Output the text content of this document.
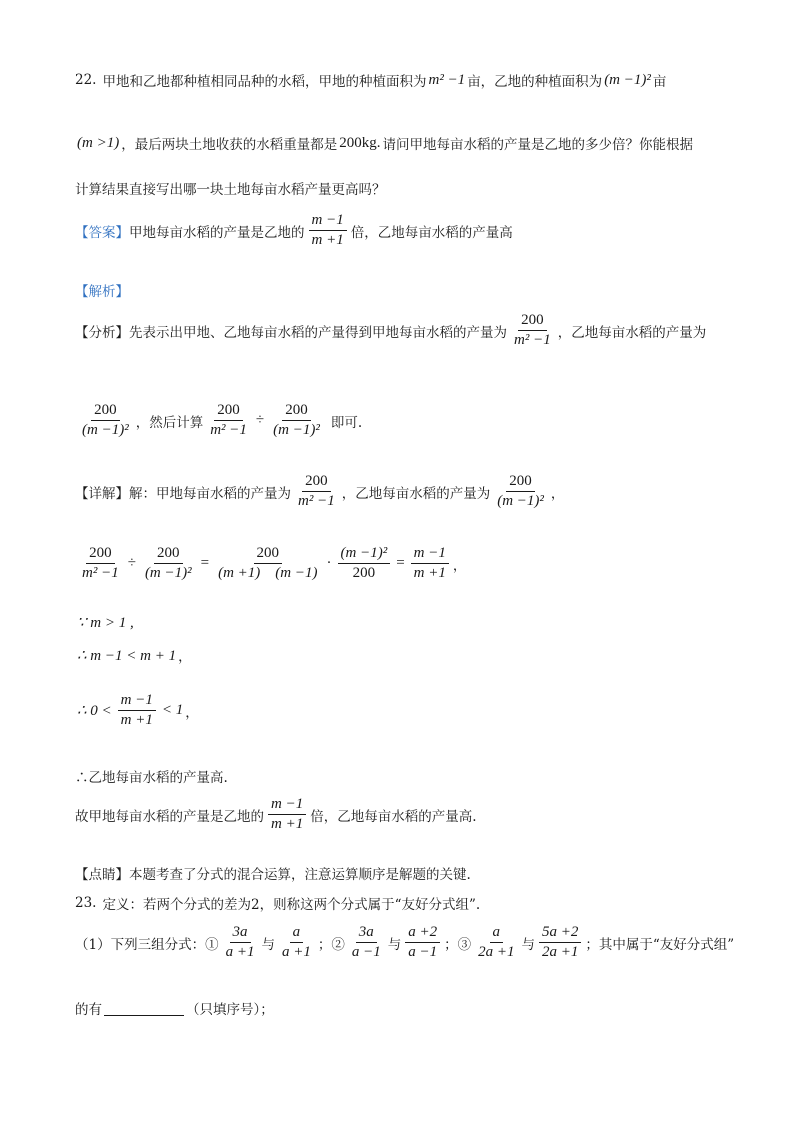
22. 甲地和乙地都种植相同品种的水稻，甲地的种植面积为 m² −1 亩，乙地的种植面积为 (m −1)² 亩
(m >1) ，最后两块土地收获的水稻重量都是 200kg. 请问甲地每亩水稻的产量是乙地的多少倍？你能根据
计算结果直接写出哪一块土地每亩水稻产量更高吗？
【答案】 甲地每亩水稻的产量是乙地的 $\frac{m -1}{m +1}$ 倍，乙地每亩水稻的产量高
【解析】
【分析】 先表示出甲地、乙地每亩水稻的产量得到甲地每亩水稻的产量为 $\frac{200}{\text{m² −1}}$ ，乙地每亩水稻的产量为
$\frac{200}{\text{(m −1)²}}$ ，然后计算 $\frac{200}{\text{m² −1}} \div \frac{200}{\text{(m −1)²}}$ 即可.
【详解】 解：甲地每亩水稻的产量为 $\frac{200}{\text{m² −1}}$ ，乙地每亩水稻的产量为 $\frac{200}{\text{(m −1)²}}$ ，
$\frac{200}{\text{m² −1}} \div \frac{200}{\text{(m −1)²}} = \frac{200}{(m +1) (m -1)} \cdot \frac{\text{(m −1)²}}{200} = \frac{m -1}{m +1}$ ，
∵ m > 1 ,
∴ m −1 < m + 1 ，
∴ $0 < \frac{m -1}{m +1} < 1$ ，
∴乙地每亩水稻的产量高.
故甲地每亩水稻的产量是乙地的 $\frac{m -1}{m +1}$ 倍，乙地每亩水稻的产量高.
【点睛】 本题考查了分式的混合运算，注意运算顺序是解题的关键.
23. 定义：若两个分式的差为2，则称这两个分式属于“友好分式组”.
（1）下列三组分式：① $\frac{3a}{a +1}$ 与 $\frac{a}{a +1}$ ；② $\frac{3a}{a -1}$ 与 $\frac{a +2}{a -1}$ ；③ $\frac{a}{2a +1}$ 与 $\frac{5a +2}{2a +1}$ ；其中属于“友好分式组”
的有	（只填序号）；
